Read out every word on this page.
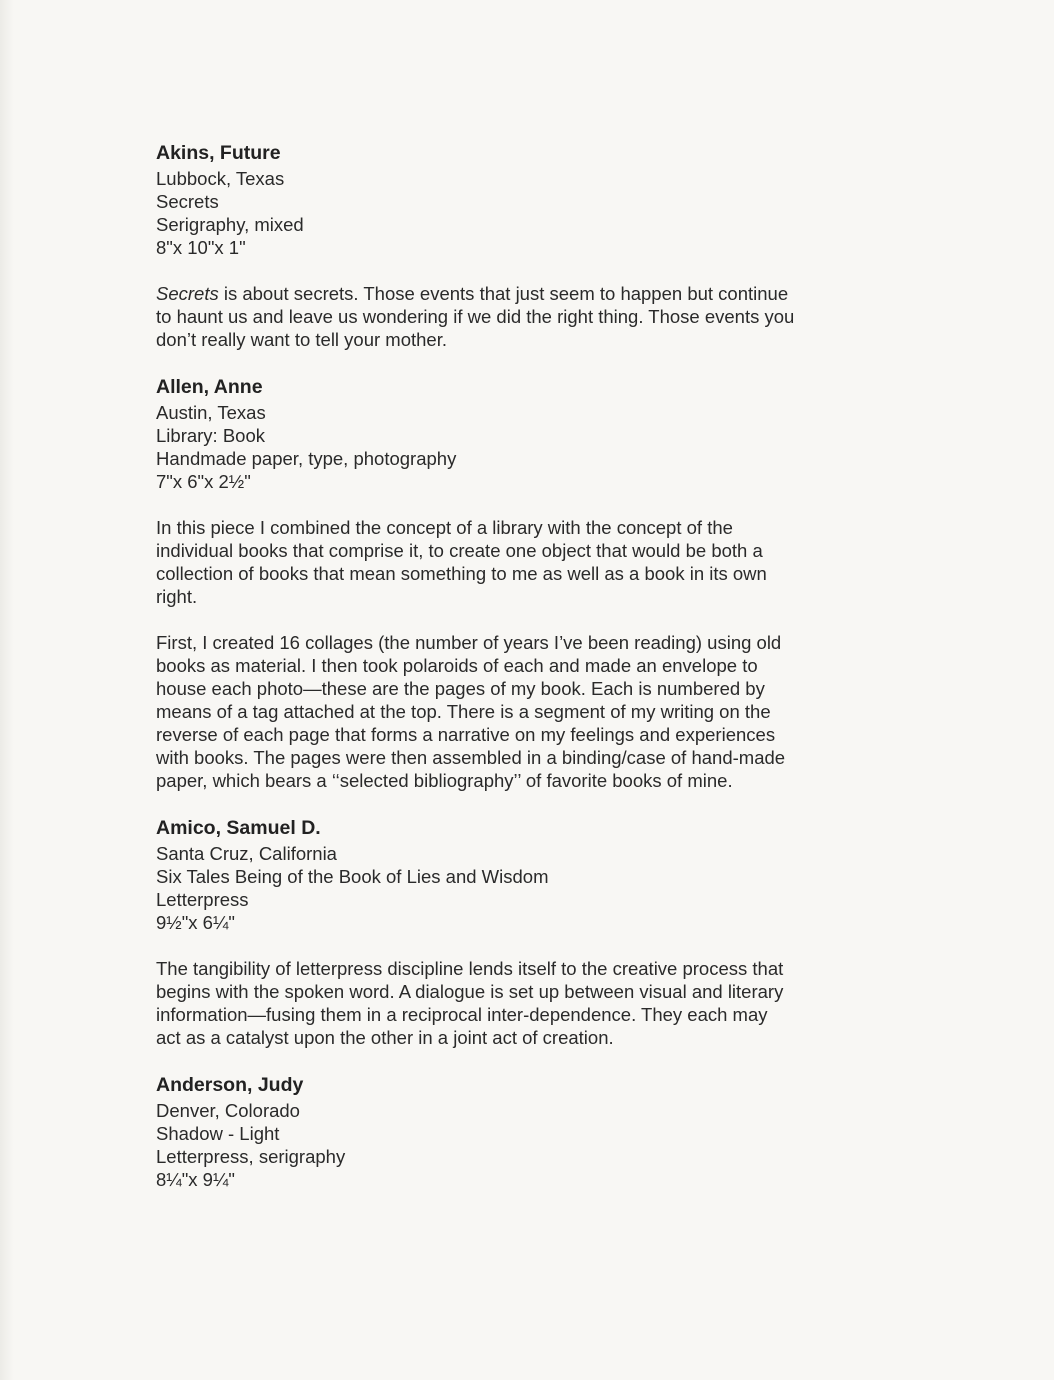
Akins, Future
Lubbock, Texas
Secrets
Serigraphy, mixed
8"x 10"x 1"

Secrets is about secrets. Those events that just seem to happen but continue to haunt us and leave us wondering if we did the right thing. Those events you don’t really want to tell your mother.

Allen, Anne
Austin, Texas
Library: Book
Handmade paper, type, photography
7"x 6"x 2½"

In this piece I combined the concept of a library with the concept of the individual books that comprise it, to create one object that would be both a collection of books that mean something to me as well as a book in its own right.

First, I created 16 collages (the number of years I’ve been reading) using old books as material. I then took polaroids of each and made an envelope to house each photo—these are the pages of my book. Each is numbered by means of a tag attached at the top. There is a segment of my writing on the reverse of each page that forms a narrative on my feelings and experiences with books. The pages were then assembled in a binding/case of hand-made paper, which bears a ‘‘selected bibliography’’ of favorite books of mine.

Amico, Samuel D.
Santa Cruz, California
Six Tales Being of the Book of Lies and Wisdom
Letterpress
9½"x 6¼"

The tangibility of letterpress discipline lends itself to the creative process that begins with the spoken word. A dialogue is set up between visual and literary information—fusing them in a reciprocal inter-dependence. They each may act as a catalyst upon the other in a joint act of creation.

Anderson, Judy
Denver, Colorado
Shadow - Light
Letterpress, serigraphy
8¼"x 9¼"
